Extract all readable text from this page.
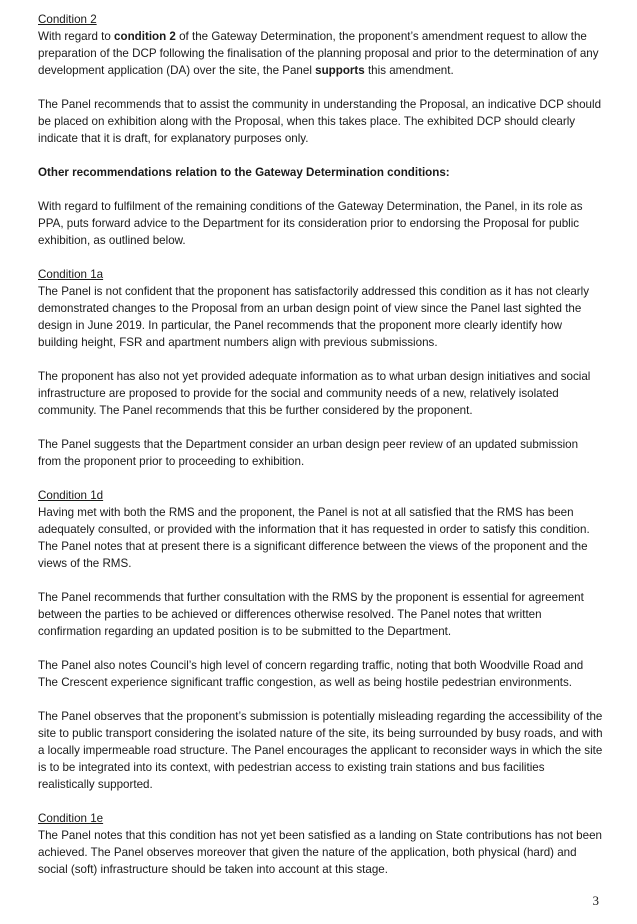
Condition 2

With regard to condition 2 of the Gateway Determination, the proponent’s amendment request to allow the preparation of the DCP following the finalisation of the planning proposal and prior to the determination of any development application (DA) over the site, the Panel supports this amendment.

The Panel recommends that to assist the community in understanding the Proposal, an indicative DCP should be placed on exhibition along with the Proposal, when this takes place. The exhibited DCP should clearly indicate that it is draft, for explanatory purposes only.

Other recommendations relation to the Gateway Determination conditions:

With regard to fulfilment of the remaining conditions of the Gateway Determination, the Panel, in its role as PPA, puts forward advice to the Department for its consideration prior to endorsing the Proposal for public exhibition, as outlined below.

Condition 1a

The Panel is not confident that the proponent has satisfactorily addressed this condition as it has not clearly demonstrated changes to the Proposal from an urban design point of view since the Panel last sighted the design in June 2019. In particular, the Panel recommends that the proponent more clearly identify how building height, FSR and apartment numbers align with previous submissions.

The proponent has also not yet provided adequate information as to what urban design initiatives and social infrastructure are proposed to provide for the social and community needs of a new, relatively isolated community. The Panel recommends that this be further considered by the proponent.

The Panel suggests that the Department consider an urban design peer review of an updated submission from the proponent prior to proceeding to exhibition.

Condition 1d

Having met with both the RMS and the proponent, the Panel is not at all satisfied that the RMS has been adequately consulted, or provided with the information that it has requested in order to satisfy this condition. The Panel notes that at present there is a significant difference between the views of the proponent and the views of the RMS.

The Panel recommends that further consultation with the RMS by the proponent is essential for agreement between the parties to be achieved or differences otherwise resolved. The Panel notes that written confirmation regarding an updated position is to be submitted to the Department.

The Panel also notes Council’s high level of concern regarding traffic, noting that both Woodville Road and The Crescent experience significant traffic congestion, as well as being hostile pedestrian environments.

The Panel observes that the proponent’s submission is potentially misleading regarding the accessibility of the site to public transport considering the isolated nature of the site, its being surrounded by busy roads, and with a locally impermeable road structure. The Panel encourages the applicant to reconsider ways in which the site is to be integrated into its context, with pedestrian access to existing train stations and bus facilities realistically supported.

Condition 1e

The Panel notes that this condition has not yet been satisfied as a landing on State contributions has not been achieved. The Panel observes moreover that given the nature of the application, both physical (hard) and social (soft) infrastructure should be taken into account at this stage.

3
